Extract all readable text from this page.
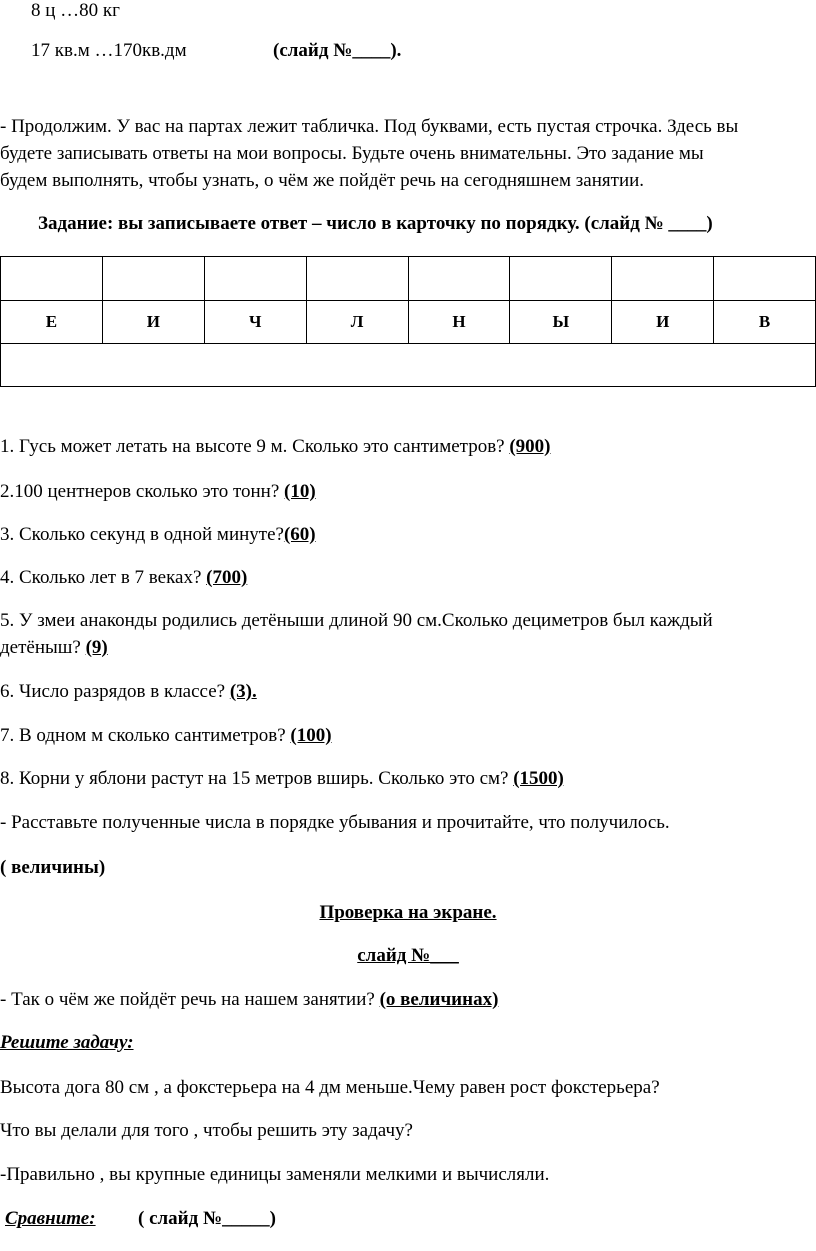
8 ц …80 кг
17 кв.м …170кв.дм	(слайд №____).
- Продолжим. У вас на партах лежит табличка. Под буквами, есть пустая строчка. Здесь вы
будете записывать ответы на мои вопросы. Будьте очень внимательны. Это задание мы
будем выполнять, чтобы узнать, о чём же пойдёт речь на сегодняшнем занятии.
Задание: вы записываете ответ – число в карточку по порядку. (слайд № ____)

Е	И	Ч	Л	Н	Ы	И	В

1. Гусь может летать на высоте 9 м. Сколько это сантиметров? (900)
2.100 центнеров сколько это тонн? (10)
3. Сколько секунд в одной минуте?(60)
4. Сколько лет в 7 веках? (700)
5. У змеи анаконды родились детёныши длиной 90 см.Сколько дециметров был каждый
детёныш? (9)
6. Число разрядов в классе? (3).
7. В одном м сколько сантиметров? (100)
8. Корни у яблони растут на 15 метров вширь. Сколько это см? (1500)
- Расставьте полученные числа в порядке убывания и прочитайте, что получилось.
( величины)
Проверка на экране.
слайд №___
- Так о чём же пойдёт речь на нашем занятии? (о величинах)
Решите задачу:
Высота дога 80 см , а фокстерьера на 4 дм меньше.Чему равен рост фокстерьера?
Что вы делали для того , чтобы решить эту задачу?
-Правильно , вы крупные единицы заменяли мелкими и вычисляли.
Сравните: ( слайд №_____)
